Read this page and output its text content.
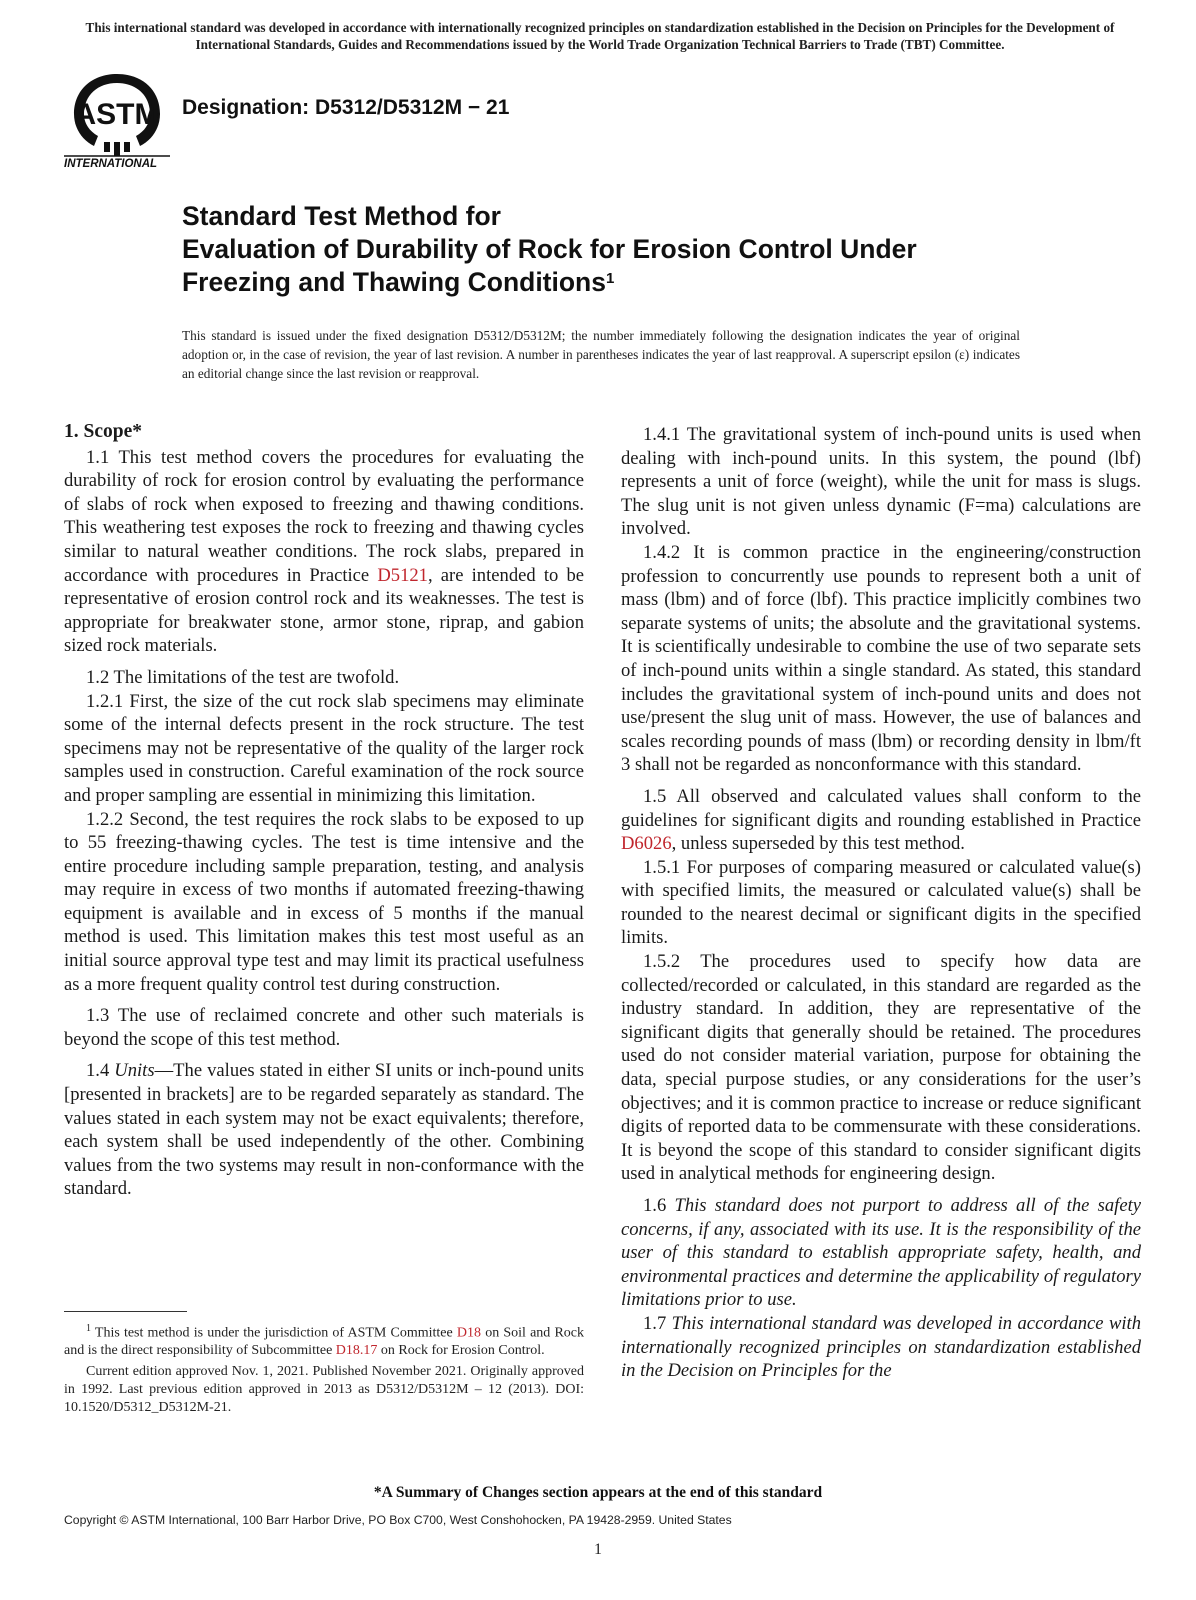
This international standard was developed in accordance with internationally recognized principles on standardization established in the Decision on Principles for the Development of International Standards, Guides and Recommendations issued by the World Trade Organization Technical Barriers to Trade (TBT) Committee.
ASTM
INTERNATIONAL
Designation: D5312/D5312M − 21
Standard Test Method for
Evaluation of Durability of Rock for Erosion Control Under
Freezing and Thawing Conditions$^1$
This standard is issued under the fixed designation D5312/D5312M; the number immediately following the designation indicates the year of original adoption or, in the case of revision, the year of last revision. A number in parentheses indicates the year of last reapproval. A superscript epsilon (ε) indicates an editorial change since the last revision or reapproval.
1. Scope*

1.1 This test method covers the procedures for evaluating the durability of rock for erosion control by evaluating the performance of slabs of rock when exposed to freezing and thawing conditions. This weathering test exposes the rock to freezing and thawing cycles similar to natural weather conditions. The rock slabs, prepared in accordance with procedures in Practice D5121, are intended to be representative of erosion control rock and its weaknesses. The test is appropriate for breakwater stone, armor stone, riprap, and gabion sized rock materials.

1.2 The limitations of the test are twofold.

1.2.1 First, the size of the cut rock slab specimens may eliminate some of the internal defects present in the rock structure. The test specimens may not be representative of the quality of the larger rock samples used in construction. Careful examination of the rock source and proper sampling are essential in minimizing this limitation.

1.2.2 Second, the test requires the rock slabs to be exposed to up to 55 freezing-thawing cycles. The test is time intensive and the entire procedure including sample preparation, testing, and analysis may require in excess of two months if automated freezing-thawing equipment is available and in excess of 5 months if the manual method is used. This limitation makes this test most useful as an initial source approval type test and may limit its practical usefulness as a more frequent quality control test during construction.

1.3 The use of reclaimed concrete and other such materials is beyond the scope of this test method.

1.4 Units—The values stated in either SI units or inch-pound units [presented in brackets] are to be regarded separately as standard. The values stated in each system may not be exact equivalents; therefore, each system shall be used independently of the other. Combining values from the two systems may result in non-conformance with the standard.

1.4.1 The gravitational system of inch-pound units is used when dealing with inch-pound units. In this system, the pound (lbf) represents a unit of force (weight), while the unit for mass is slugs. The slug unit is not given unless dynamic (F=ma) calculations are involved.

1.4.2 It is common practice in the engineering/construction profession to concurrently use pounds to represent both a unit of mass (lbm) and of force (lbf). This practice implicitly combines two separate systems of units; the absolute and the gravitational systems. It is scientifically undesirable to combine the use of two separate sets of inch-pound units within a single standard. As stated, this standard includes the gravitational system of inch-pound units and does not use/present the slug unit of mass. However, the use of balances and scales recording pounds of mass (lbm) or recording density in lbm/ft 3 shall not be regarded as nonconformance with this standard.

1.5 All observed and calculated values shall conform to the guidelines for significant digits and rounding established in Practice D6026, unless superseded by this test method.

1.5.1 For purposes of comparing measured or calculated value(s) with specified limits, the measured or calculated value(s) shall be rounded to the nearest decimal or significant digits in the specified limits.

1.5.2 The procedures used to specify how data are collected/recorded or calculated, in this standard are regarded as the industry standard. In addition, they are representative of the significant digits that generally should be retained. The procedures used do not consider material variation, purpose for obtaining the data, special purpose studies, or any considerations for the user’s objectives; and it is common practice to increase or reduce significant digits of reported data to be commensurate with these considerations. It is beyond the scope of this standard to consider significant digits used in analytical methods for engineering design.

1.6 This standard does not purport to address all of the safety concerns, if any, associated with its use. It is the responsibility of the user of this standard to establish appropriate safety, health, and environmental practices and determine the applicability of regulatory limitations prior to use.

1.7 This international standard was developed in accordance with internationally recognized principles on standardization established in the Decision on Principles for the

$^1$ This test method is under the jurisdiction of ASTM Committee D18 on Soil and Rock and is the direct responsibility of Subcommittee D18.17 on Rock for Erosion Control.

Current edition approved Nov. 1, 2021. Published November 2021. Originally approved in 1992. Last previous edition approved in 2013 as D5312/D5312M – 12 (2013). DOI: 10.1520/D5312_D5312M-21.

*A Summary of Changes section appears at the end of this standard
Copyright © ASTM International, 100 Barr Harbor Drive, PO Box C700, West Conshohocken, PA 19428-2959. United States
1
